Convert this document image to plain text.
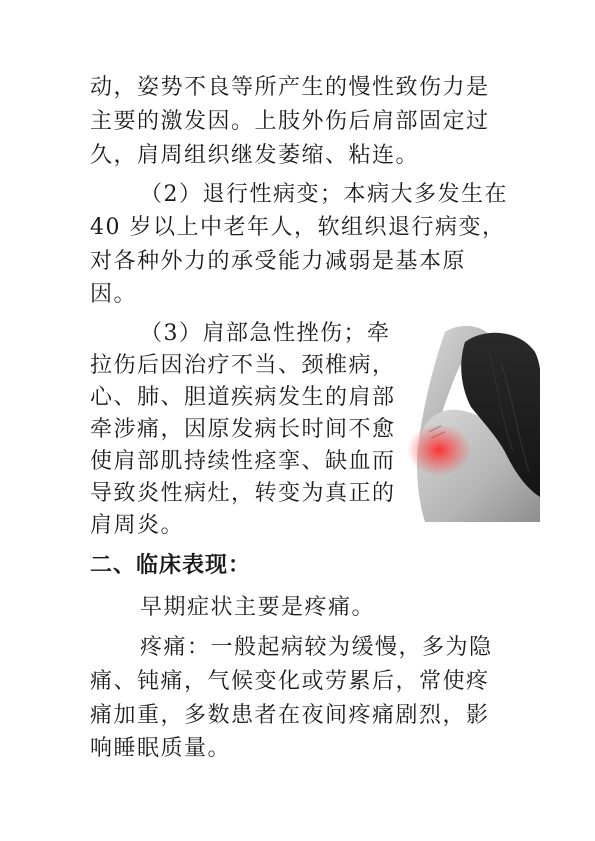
动，姿势不良等所产生的慢性致伤力是
主要的激发因。上肢外伤后肩部固定过
久，肩周组织继发萎缩、粘连。
（2）退行性病变；本病大多发生在
40 岁以上中老年人，软组织退行病变，
对各种外力的承受能力减弱是基本原
因。
（3）肩部急性挫伤；牵
拉伤后因治疗不当、颈椎病，
心、肺、胆道疾病发生的肩部
牵涉痛，因原发病长时间不愈
使肩部肌持续性痉挛、缺血而
导致炎性病灶，转变为真正的
肩周炎。
二、临床表现：
早期症状主要是疼痛。
疼痛：一般起病较为缓慢，多为隐
痛、钝痛，气候变化或劳累后，常使疼
痛加重，多数患者在夜间疼痛剧烈，影
响睡眠质量。
